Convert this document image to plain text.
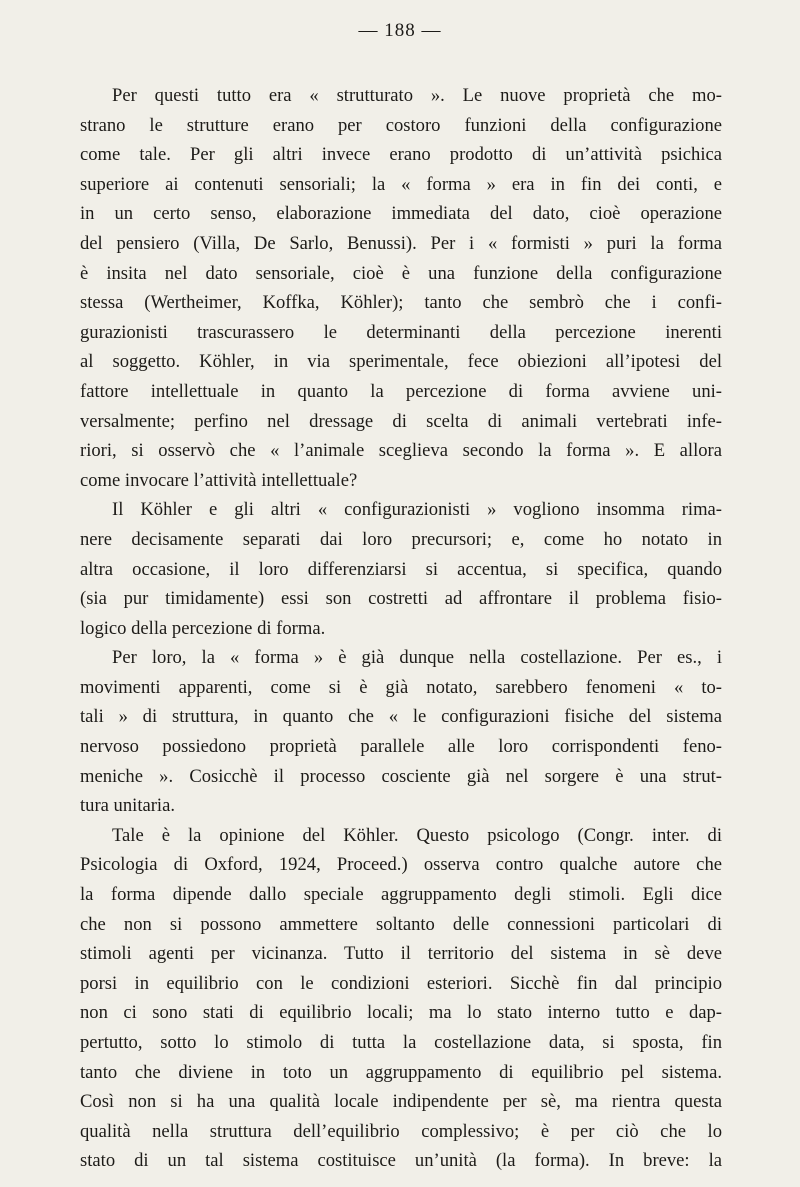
— 188 —
Per questi tutto era « strutturato ». Le nuove proprietà che mo-
strano le strutture erano per costoro funzioni della configurazione
come tale. Per gli altri invece erano prodotto di un’attività psichica
superiore ai contenuti sensoriali; la « forma » era in fin dei conti, e
in un certo senso, elaborazione immediata del dato, cioè operazione
del pensiero (Villa, De Sarlo, Benussi). Per i « formisti » puri la forma
è insita nel dato sensoriale, cioè è una funzione della configurazione
stessa (Wertheimer, Koffka, Köhler); tanto che sembrò che i confi-
gurazionisti trascurassero le determinanti della percezione inerenti
al soggetto. Köhler, in via sperimentale, fece obiezioni all’ipotesi del
fattore intellettuale in quanto la percezione di forma avviene uni-
versalmente; perfino nel dressage di scelta di animali vertebrati infe-
riori, si osservò che « l’animale sceglieva secondo la forma ». E allora
come invocare l’attività intellettuale?
Il Köhler e gli altri « configurazionisti » vogliono insomma rima-
nere decisamente separati dai loro precursori; e, come ho notato in
altra occasione, il loro differenziarsi si accentua, si specifica, quando
(sia pur timidamente) essi son costretti ad affrontare il problema fisio-
logico della percezione di forma.
Per loro, la « forma » è già dunque nella costellazione. Per es., i
movimenti apparenti, come si è già notato, sarebbero fenomeni « to-
tali » di struttura, in quanto che « le configurazioni fisiche del sistema
nervoso possiedono proprietà parallele alle loro corrispondenti feno-
meniche ». Cosicchè il processo cosciente già nel sorgere è una strut-
tura unitaria.
Tale è la opinione del Köhler. Questo psicologo (Congr. inter. di
Psicologia di Oxford, 1924, Proceed.) osserva contro qualche autore che
la forma dipende dallo speciale aggruppamento degli stimoli. Egli dice
che non si possono ammettere soltanto delle connessioni particolari di
stimoli agenti per vicinanza. Tutto il territorio del sistema in sè deve
porsi in equilibrio con le condizioni esteriori. Sicchè fin dal principio
non ci sono stati di equilibrio locali; ma lo stato interno tutto e dap-
pertutto, sotto lo stimolo di tutta la costellazione data, si sposta, fin
tanto che diviene in toto un aggruppamento di equilibrio pel sistema.
Così non si ha una qualità locale indipendente per sè, ma rientra questa
qualità nella struttura dell’equilibrio complessivo; è per ciò che lo
stato di un tal sistema costituisce un’unità (la forma). In breve: la
